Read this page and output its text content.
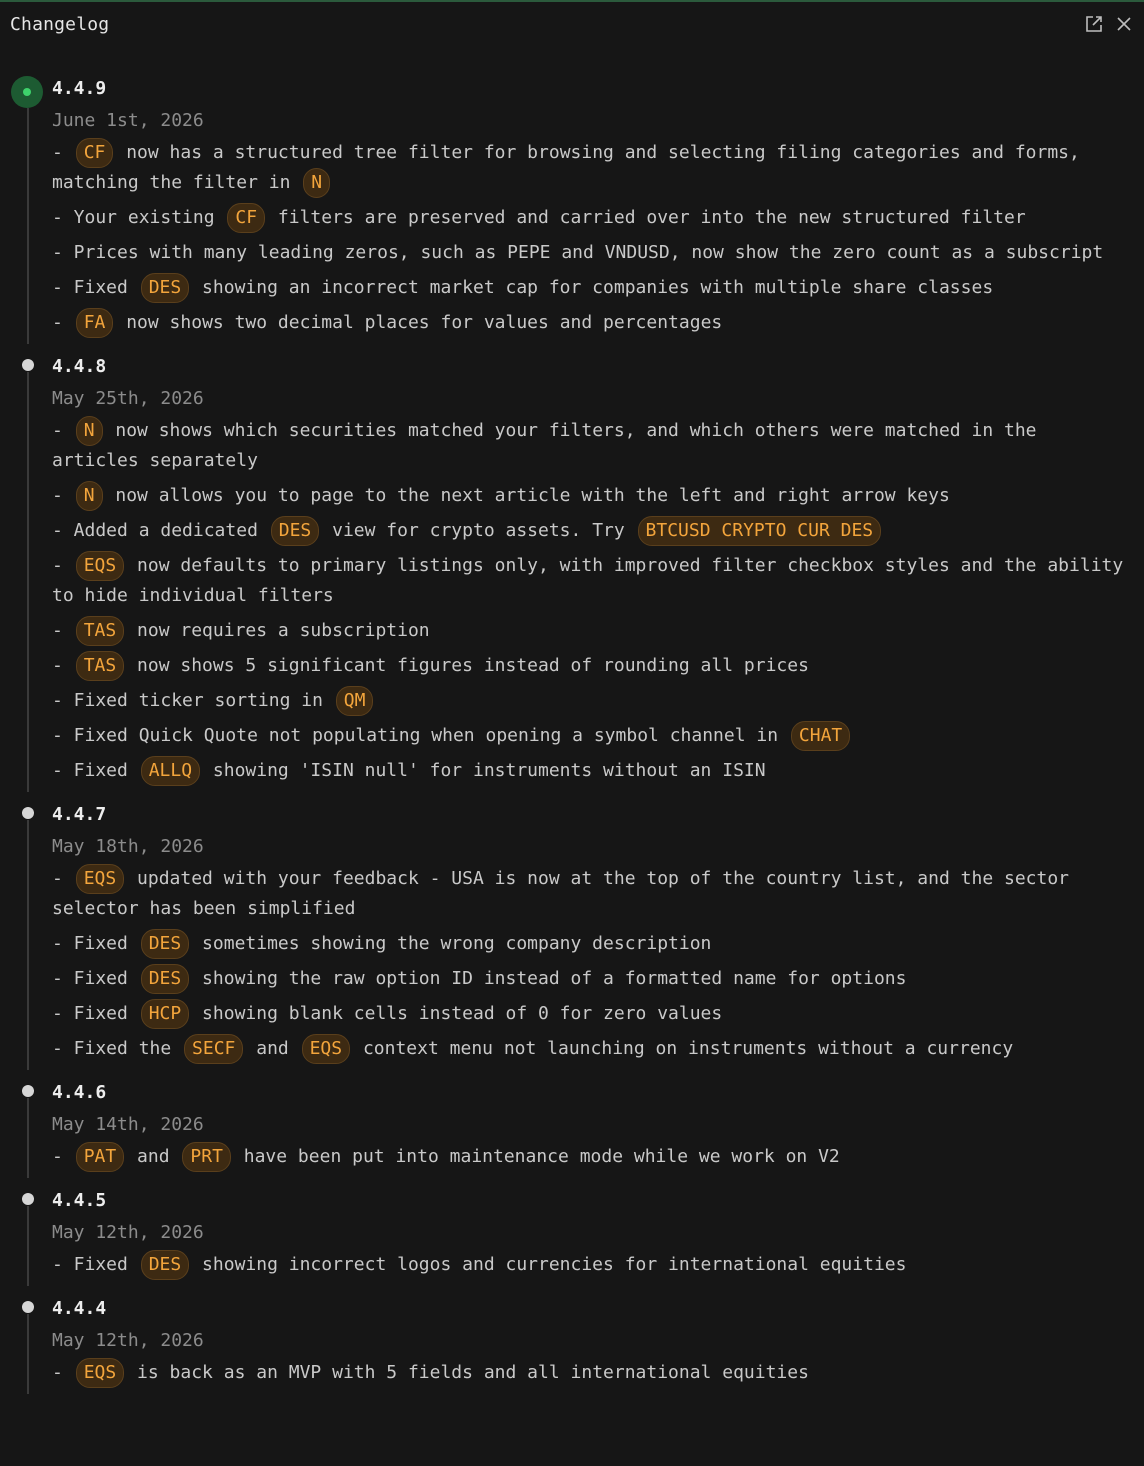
Changelog
4.4.9
June 1st, 2026
- CF now has a structured tree filter for browsing and selecting filing categories and forms, matching the filter in N
- Your existing CF filters are preserved and carried over into the new structured filter
- Prices with many leading zeros, such as PEPE and VNDUSD, now show the zero count as a subscript
- Fixed DES showing an incorrect market cap for companies with multiple share classes
- FA now shows two decimal places for values and percentages
4.4.8
May 25th, 2026
- N now shows which securities matched your filters, and which others were matched in the articles separately
- N now allows you to page to the next article with the left and right arrow keys
- Added a dedicated DES view for crypto assets. Try BTCUSD CRYPTO CUR DES
- EQS now defaults to primary listings only, with improved filter checkbox styles and the ability to hide individual filters
- TAS now requires a subscription
- TAS now shows 5 significant figures instead of rounding all prices
- Fixed ticker sorting in QM
- Fixed Quick Quote not populating when opening a symbol channel in CHAT
- Fixed ALLQ showing 'ISIN null' for instruments without an ISIN
4.4.7
May 18th, 2026
- EQS updated with your feedback - USA is now at the top of the country list, and the sector selector has been simplified
- Fixed DES sometimes showing the wrong company description
- Fixed DES showing the raw option ID instead of a formatted name for options
- Fixed HCP showing blank cells instead of 0 for zero values
- Fixed the SECF and EQS context menu not launching on instruments without a currency
4.4.6
May 14th, 2026
- PAT and PRT have been put into maintenance mode while we work on V2
4.4.5
May 12th, 2026
- Fixed DES showing incorrect logos and currencies for international equities
4.4.4
May 12th, 2026
- EQS is back as an MVP with 5 fields and all international equities
